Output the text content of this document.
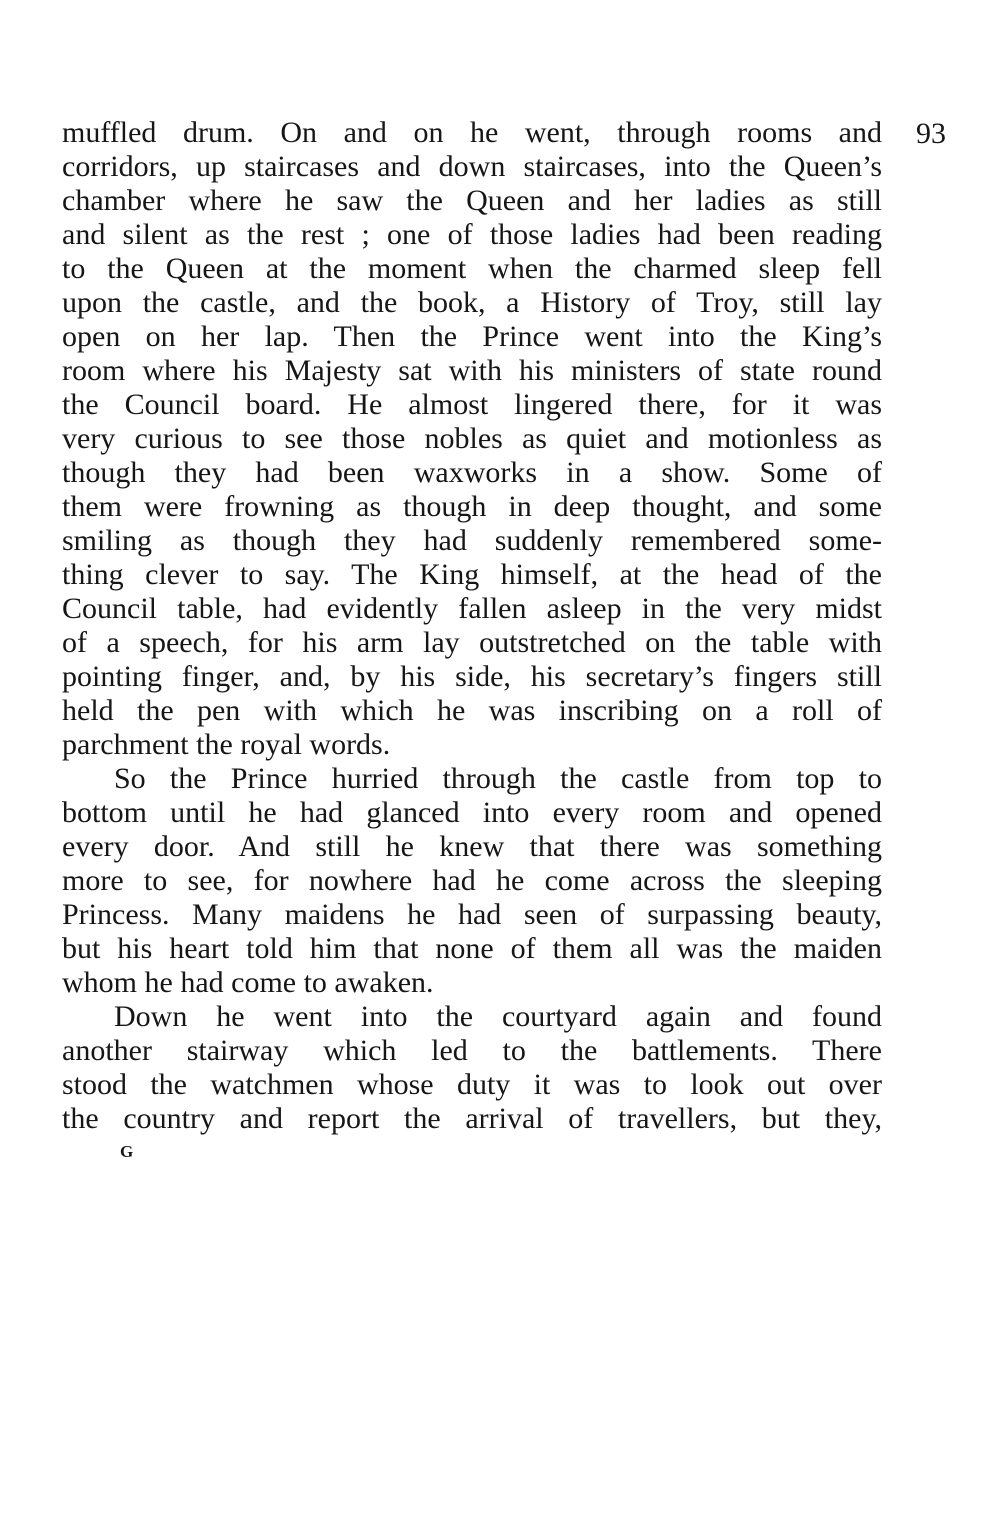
93
muffled drum. On and on he went, through rooms and
corridors, up staircases and down staircases, into the Queen’s
chamber where he saw the Queen and her ladies as still
and silent as the rest ; one of those ladies had been reading
to the Queen at the moment when the charmed sleep fell
upon the castle, and the book, a History of Troy, still lay
open on her lap. Then the Prince went into the King’s
room where his Majesty sat with his ministers of state round
the Council board. He almost lingered there, for it was
very curious to see those nobles as quiet and motionless as
though they had been waxworks in a show. Some of
them were frowning as though in deep thought, and some
smiling as though they had suddenly remembered some-
thing clever to say. The King himself, at the head of the
Council table, had evidently fallen asleep in the very midst
of a speech, for his arm lay outstretched on the table with
pointing finger, and, by his side, his secretary’s fingers still
held the pen with which he was inscribing on a roll of
parchment the royal words.
So the Prince hurried through the castle from top to
bottom until he had glanced into every room and opened
every door. And still he knew that there was something
more to see, for nowhere had he come across the sleeping
Princess. Many maidens he had seen of surpassing beauty,
but his heart told him that none of them all was the maiden
whom he had come to awaken.
Down he went into the courtyard again and found
another stairway which led to the battlements. There
stood the watchmen whose duty it was to look out over
the country and report the arrival of travellers, but they,
G
